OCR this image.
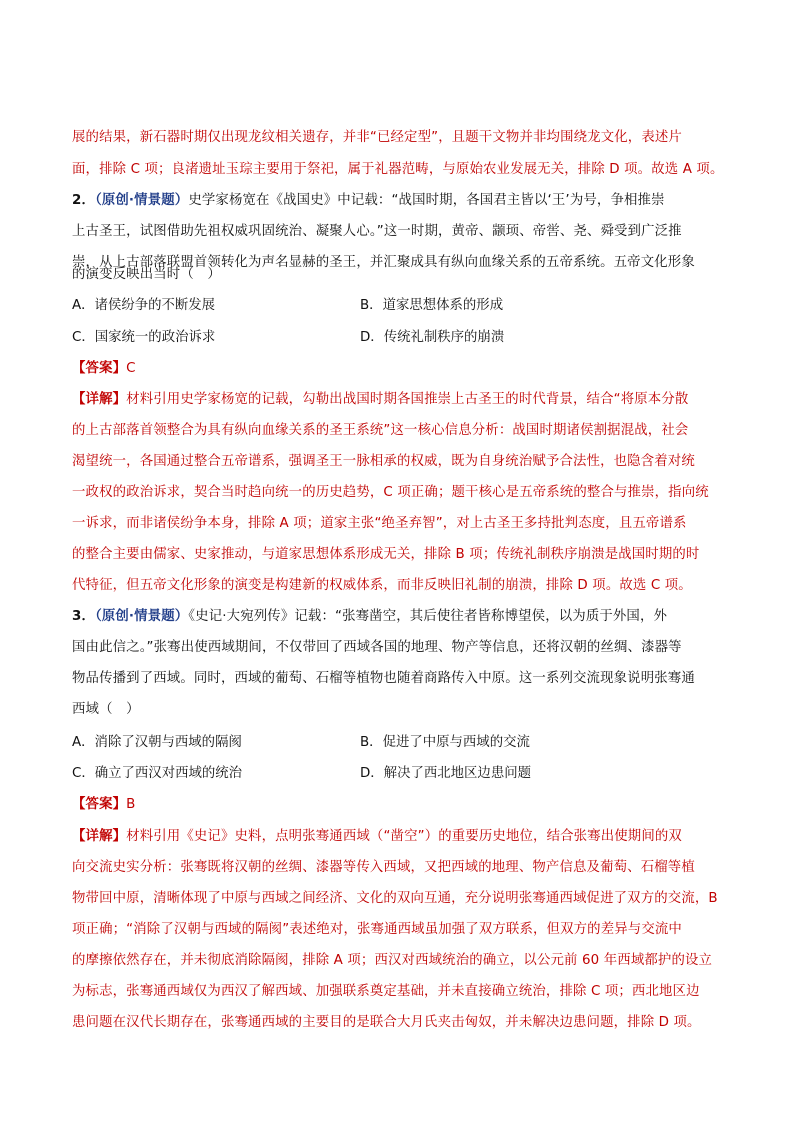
展的结果，新石器时期仅出现龙纹相关遗存，并非“已经定型”，且题干文物并非均围绕龙文化，表述片
面，排除 C 项；良渚遗址玉琮主要用于祭祀，属于礼器范畴，与原始农业发展无关，排除 D 项。故选 A 项。
2．（原创·情景题）史学家杨宽在《战国史》中记载：“战国时期，各国君主皆以‘王’为号，争相推崇
上古圣王，试图借助先祖权威巩固统治、凝聚人心。”这一时期，黄帝、颛顼、帝喾、尧、舜受到广泛推
崇，从上古部落联盟首领转化为声名显赫的圣王，并汇聚成具有纵向血缘关系的五帝系统。五帝文化形象
的演变反映出当时（　）
A．诸侯纷争的不断发展	B．道家思想体系的形成
C．国家统一的政治诉求	D．传统礼制秩序的崩溃
【答案】C
【详解】材料引用史学家杨宽的记载，勾勒出战国时期各国推崇上古圣王的时代背景，结合“将原本分散
的上古部落首领整合为具有纵向血缘关系的圣王系统”这一核心信息分析：战国时期诸侯割据混战，社会
渴望统一，各国通过整合五帝谱系，强调圣王一脉相承的权威，既为自身统治赋予合法性，也隐含着对统
一政权的政治诉求，契合当时趋向统一的历史趋势，C 项正确；题干核心是五帝系统的整合与推崇，指向统
一诉求，而非诸侯纷争本身，排除 A 项；道家主张“绝圣弃智”，对上古圣王多持批判态度，且五帝谱系
的整合主要由儒家、史家推动，与道家思想体系形成无关，排除 B 项；传统礼制秩序崩溃是战国时期的时
代特征，但五帝文化形象的演变是构建新的权威体系，而非反映旧礼制的崩溃，排除 D 项。故选 C 项。
3．（原创·情景题）《史记·大宛列传》记载：“张骞凿空，其后使往者皆称博望侯，以为质于外国，外
国由此信之。”张骞出使西域期间，不仅带回了西域各国的地理、物产等信息，还将汉朝的丝绸、漆器等
物品传播到了西域。同时，西域的葡萄、石榴等植物也随着商路传入中原。这一系列交流现象说明张骞通
西域（　）
A．消除了汉朝与西域的隔阂	B．促进了中原与西域的交流
C．确立了西汉对西域的统治	D．解决了西北地区边患问题
【答案】B
【详解】材料引用《史记》史料，点明张骞通西域（“凿空”）的重要历史地位，结合张骞出使期间的双
向交流史实分析：张骞既将汉朝的丝绸、漆器等传入西域，又把西域的地理、物产信息及葡萄、石榴等植
物带回中原，清晰体现了中原与西域之间经济、文化的双向互通，充分说明张骞通西域促进了双方的交流，B
项正确；“消除了汉朝与西域的隔阂”表述绝对，张骞通西域虽加强了双方联系，但双方的差异与交流中
的摩擦依然存在，并未彻底消除隔阂，排除 A 项；西汉对西域统治的确立，以公元前 60 年西域都护的设立
为标志，张骞通西域仅为西汉了解西域、加强联系奠定基础，并未直接确立统治，排除 C 项；西北地区边
患问题在汉代长期存在，张骞通西域的主要目的是联合大月氏夹击匈奴，并未解决边患问题，排除 D 项。
